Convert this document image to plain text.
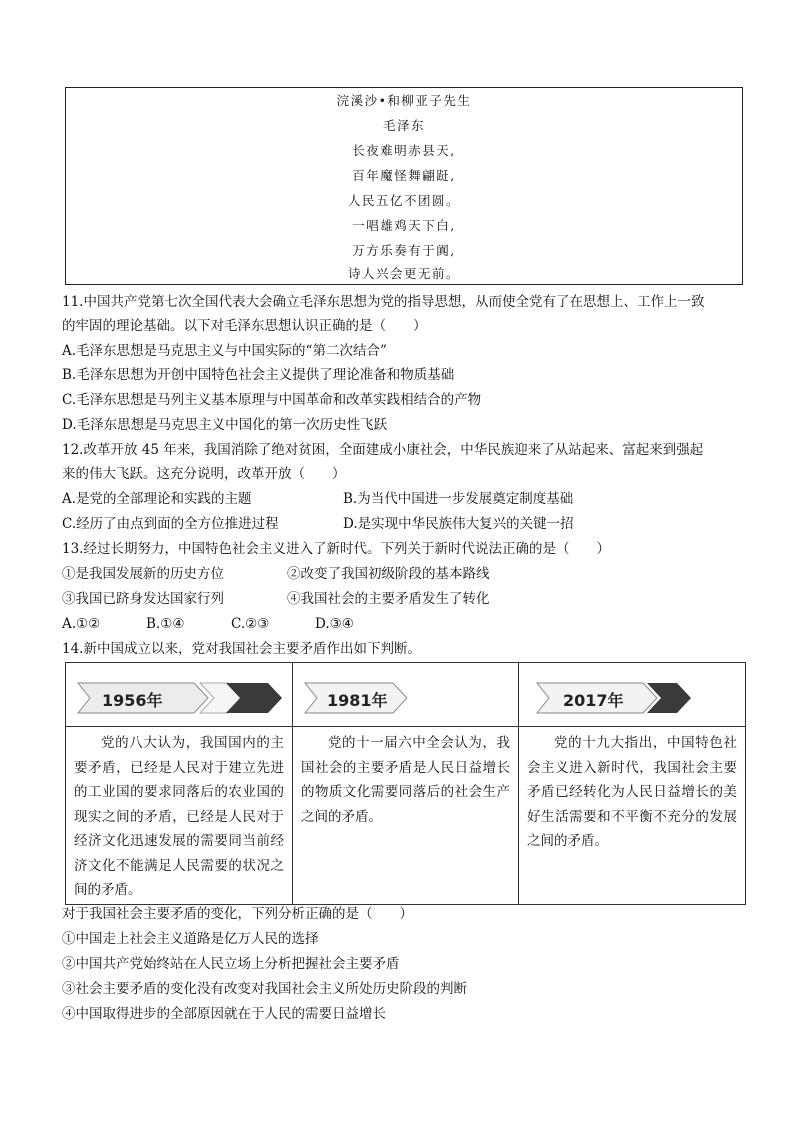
浣溪沙•和柳亚子先生
毛泽东
长夜难明赤县天,
百年魔怪舞翩跹,
人民五亿不团圆。
一唱雄鸡天下白,
万方乐奏有于阗,
诗人兴会更无前。
11.中国共产党第七次全国代表大会确立毛泽东思想为党的指导思想，从而使全党有了在思想上、工作上一致
的牢固的理论基础。以下对毛泽东思想认识正确的是（　　）
A.毛泽东思想是马克思主义与中国实际的“第二次结合”
B.毛泽东思想为开创中国特色社会主义提供了理论准备和物质基础
C.毛泽东思想是马列主义基本原理与中国革命和改革实践相结合的产物
D.毛泽东思想是马克思主义中国化的第一次历史性飞跃
12.改革开放 45 年来，我国消除了绝对贫困，全面建成小康社会，中华民族迎来了从站起来、富起来到强起
来的伟大飞跃。这充分说明，改革开放（　　）
A.是党的全部理论和实践的主题	B.为当代中国进一步发展奠定制度基础
C.经历了由点到面的全方位推进过程	D.是实现中华民族伟大复兴的关键一招
13.经过长期努力，中国特色社会主义进入了新时代。下列关于新时代说法正确的是（　　）
①是我国发展新的历史方位	②改变了我国初级阶段的基本路线
③我国已跻身发达国家行列	④我国社会的主要矛盾发生了转化
A.①②	B.①④	C.②③	D.③④
14.新中国成立以来，党对我国社会主要矛盾作出如下判断。
1956年	1981年	2017年

党的八大认为，我国国内的主要矛盾，已经是人民对于建立先进的工业国的要求同落后的农业国的现实之间的矛盾，已经是人民对于经济文化迅速发展的需要同当前经济文化不能满足人民需要的状况之间的矛盾。	党的十一届六中全会认为，我国社会的主要矛盾是人民日益增长的物质文化需要同落后的社会生产之间的矛盾。	党的十九大指出，中国特色社会主义进入新时代，我国社会主要矛盾已经转化为人民日益增长的美好生活需要和不平衡不充分的发展之间的矛盾。
对于我国社会主要矛盾的变化，下列分析正确的是（　　）
①中国走上社会主义道路是亿万人民的选择
②中国共产党始终站在人民立场上分析把握社会主要矛盾
③社会主要矛盾的变化没有改变对我国社会主义所处历史阶段的判断
④中国取得进步的全部原因就在于人民的需要日益增长
